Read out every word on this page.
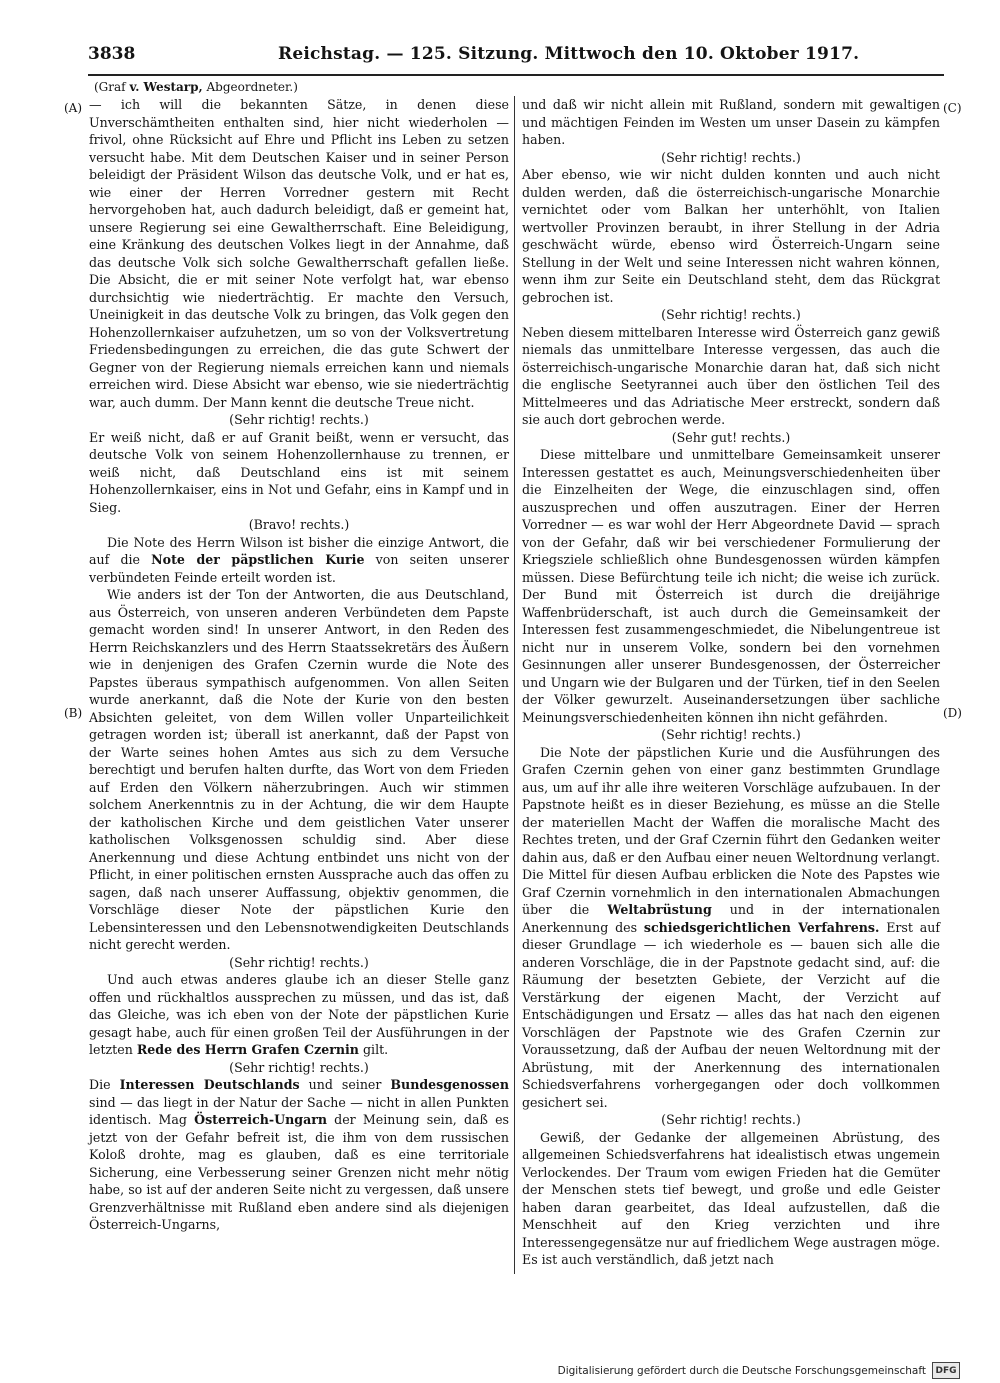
3838	Reichstag. — 125. Sitzung. Mittwoch den 10. Oktober 1917.
(Graf v. Westarp, Abgeordneter.)
(A)
(B)
(C)
(D)

— ich will die bekannten Sätze, in denen diese Unverschämtheiten enthalten sind, hier nicht wiederholen — frivol, ohne Rücksicht auf Ehre und Pflicht ins Leben zu setzen versucht habe. Mit dem Deutschen Kaiser und in seiner Person beleidigt der Präsident Wilson das deutsche Volk, und er hat es, wie einer der Herren Vorredner gestern mit Recht hervorgehoben hat, auch dadurch beleidigt, daß er gemeint hat, unsere Regierung sei eine Gewaltherrschaft. Eine Beleidigung, eine Kränkung des deutschen Volkes liegt in der Annahme, daß das deutsche Volk sich solche Gewaltherrschaft gefallen ließe. Die Absicht, die er mit seiner Note verfolgt hat, war ebenso durchsichtig wie niederträchtig. Er machte den Versuch, Uneinigkeit in das deutsche Volk zu bringen, das Volk gegen den Hohenzollernkaiser aufzuhetzen, um so von der Volksvertretung Friedensbedingungen zu erreichen, die das gute Schwert der Gegner von der Regierung niemals erreichen kann und niemals erreichen wird. Diese Absicht war ebenso, wie sie niederträchtig war, auch dumm. Der Mann kennt die deutsche Treue nicht.

(Sehr richtig! rechts.)

Er weiß nicht, daß er auf Granit beißt, wenn er versucht, das deutsche Volk von seinem Hohenzollernhause zu trennen, er weiß nicht, daß Deutschland eins ist mit seinem Hohenzollernkaiser, eins in Not und Gefahr, eins in Kampf und in Sieg.

(Bravo! rechts.)

Die Note des Herrn Wilson ist bisher die einzige Antwort, die auf die Note der päpstlichen Kurie von seiten unserer verbündeten Feinde erteilt worden ist.

Wie anders ist der Ton der Antworten, die aus Deutschland, aus Österreich, von unseren anderen Verbündeten dem Papste gemacht worden sind! In unserer Antwort, in den Reden des Herrn Reichskanzlers und des Herrn Staatssekretärs des Äußern wie in denjenigen des Grafen Czernin wurde die Note des Papstes überaus sympathisch aufgenommen. Von allen Seiten wurde anerkannt, daß die Note der Kurie von den besten Absichten geleitet, von dem Willen voller Unparteilichkeit getragen worden ist; überall ist anerkannt, daß der Papst von der Warte seines hohen Amtes aus sich zu dem Versuche berechtigt und berufen halten durfte, das Wort von dem Frieden auf Erden den Völkern näherzubringen. Auch wir stimmen solchem Anerkenntnis zu in der Achtung, die wir dem Haupte der katholischen Kirche und dem geistlichen Vater unserer katholischen Volksgenossen schuldig sind. Aber diese Anerkennung und diese Achtung entbindet uns nicht von der Pflicht, in einer politischen ernsten Aussprache auch das offen zu sagen, daß nach unserer Auffassung, objektiv genommen, die Vorschläge dieser Note der päpstlichen Kurie den Lebensinteressen und den Lebensnotwendigkeiten Deutschlands nicht gerecht werden.

(Sehr richtig! rechts.)

Und auch etwas anderes glaube ich an dieser Stelle ganz offen und rückhaltlos aussprechen zu müssen, und das ist, daß das Gleiche, was ich eben von der Note der päpstlichen Kurie gesagt habe, auch für einen großen Teil der Ausführungen in der letzten Rede des Herrn Grafen Czernin gilt.

(Sehr richtig! rechts.)

Die Interessen Deutschlands und seiner Bundesgenossen sind — das liegt in der Natur der Sache — nicht in allen Punkten identisch. Mag Österreich-Ungarn der Meinung sein, daß es jetzt von der Gefahr befreit ist, die ihm von dem russischen Koloß drohte, mag es glauben, daß es eine territoriale Sicherung, eine Verbesserung seiner Grenzen nicht mehr nötig habe, so ist auf der anderen Seite nicht zu vergessen, daß unsere Grenzverhältnisse mit Rußland eben andere sind als diejenigen Österreich-Ungarns,

und daß wir nicht allein mit Rußland, sondern mit gewaltigen und mächtigen Feinden im Westen um unser Dasein zu kämpfen haben.

(Sehr richtig! rechts.)

Aber ebenso, wie wir nicht dulden konnten und auch nicht dulden werden, daß die österreichisch-ungarische Monarchie vernichtet oder vom Balkan her unterhöhlt, von Italien wertvoller Provinzen beraubt, in ihrer Stellung in der Adria geschwächt würde, ebenso wird Österreich-Ungarn seine Stellung in der Welt und seine Interessen nicht wahren können, wenn ihm zur Seite ein Deutschland steht, dem das Rückgrat gebrochen ist.

(Sehr richtig! rechts.)

Neben diesem mittelbaren Interesse wird Österreich ganz gewiß niemals das unmittelbare Interesse vergessen, das auch die österreichisch-ungarische Monarchie daran hat, daß sich nicht die englische Seetyrannei auch über den östlichen Teil des Mittelmeeres und das Adriatische Meer erstreckt, sondern daß sie auch dort gebrochen werde.

(Sehr gut! rechts.)

Diese mittelbare und unmittelbare Gemeinsamkeit unserer Interessen gestattet es auch, Meinungsverschiedenheiten über die Einzelheiten der Wege, die einzuschlagen sind, offen auszusprechen und offen auszutragen. Einer der Herren Vorredner — es war wohl der Herr Abgeordnete David — sprach von der Gefahr, daß wir bei verschiedener Formulierung der Kriegsziele schließlich ohne Bundesgenossen würden kämpfen müssen. Diese Befürchtung teile ich nicht; die weise ich zurück. Der Bund mit Österreich ist durch die dreijährige Waffenbrüderschaft, ist auch durch die Gemeinsamkeit der Interessen fest zusammengeschmiedet, die Nibelungentreue ist nicht nur in unserem Volke, sondern bei den vornehmen Gesinnungen aller unserer Bundesgenossen, der Österreicher und Ungarn wie der Bulgaren und der Türken, tief in den Seelen der Völker gewurzelt. Auseinandersetzungen über sachliche Meinungsverschiedenheiten können ihn nicht gefährden.

(Sehr richtig! rechts.)

Die Note der päpstlichen Kurie und die Ausführungen des Grafen Czernin gehen von einer ganz bestimmten Grundlage aus, um auf ihr alle ihre weiteren Vorschläge aufzubauen. In der Papstnote heißt es in dieser Beziehung, es müsse an die Stelle der materiellen Macht der Waffen die moralische Macht des Rechtes treten, und der Graf Czernin führt den Gedanken weiter dahin aus, daß er den Aufbau einer neuen Weltordnung verlangt. Die Mittel für diesen Aufbau erblicken die Note des Papstes wie Graf Czernin vornehmlich in den internationalen Abmachungen über die Weltabrüstung und in der internationalen Anerkennung des schiedsgerichtlichen Verfahrens. Erst auf dieser Grundlage — ich wiederhole es — bauen sich alle die anderen Vorschläge, die in der Papstnote gedacht sind, auf: die Räumung der besetzten Gebiete, der Verzicht auf die Verstärkung der eigenen Macht, der Verzicht auf Entschädigungen und Ersatz — alles das hat nach den eigenen Vorschlägen der Papstnote wie des Grafen Czernin zur Voraussetzung, daß der Aufbau der neuen Weltordnung mit der Abrüstung, mit der Anerkennung des internationalen Schiedsverfahrens vorhergegangen oder doch vollkommen gesichert sei.

(Sehr richtig! rechts.)

Gewiß, der Gedanke der allgemeinen Abrüstung, des allgemeinen Schiedsverfahrens hat idealistisch etwas ungemein Verlockendes. Der Traum vom ewigen Frieden hat die Gemüter der Menschen stets tief bewegt, und große und edle Geister haben daran gearbeitet, das Ideal aufzustellen, daß die Menschheit auf den Krieg verzichten und ihre Interessengegensätze nur auf friedlichem Wege austragen möge. Es ist auch verständlich, daß jetzt nach

Digitalisierung gefördert durch die Deutsche Forschungsgemeinschaft	DFG
